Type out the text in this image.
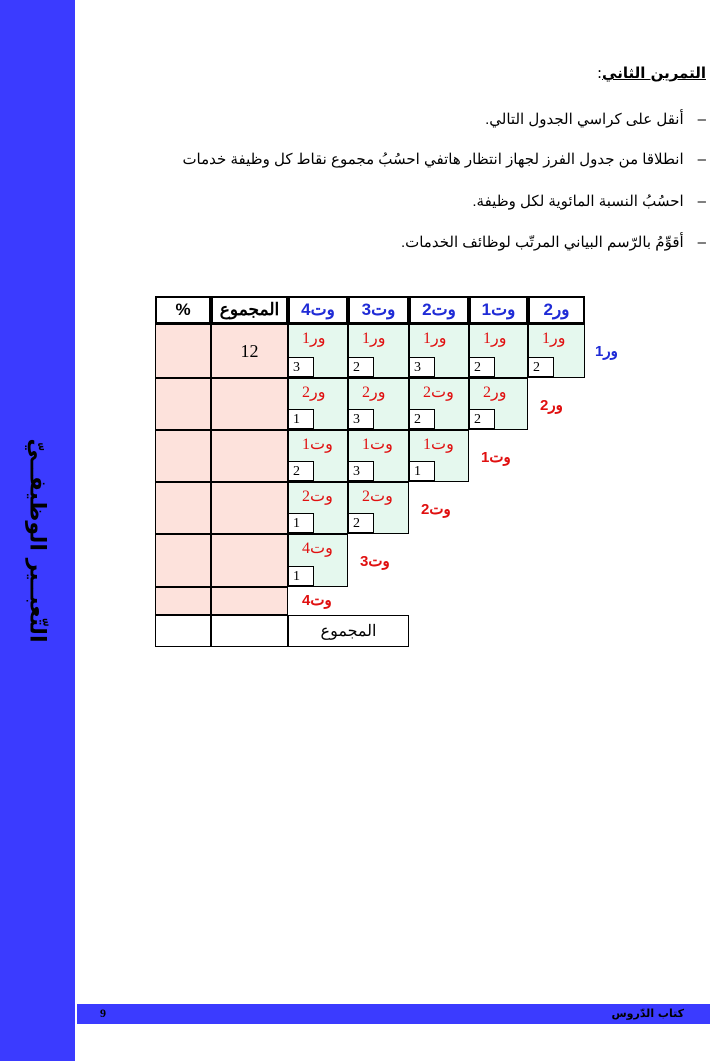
التّعبــير الوظيفــيّ
التمرين الثاني:
–أنقل على كراسي الجدول التالي.
–انطلاقا من جدول الفرز لجهاز انتظار هاتفي احسُبُ مجموع نقاط كل وظيفة خدمات
–احسُبُ النسبة المائوية لكل وظيفة.
–أقوِّمُ بالرّسم البياني المرتّب لوظائف الخدمات.
ور2
وت1
وت2
وت3
وت4
المجموع
%
12
ور1
2
ور1
2
ور1
3
ور1
2
ور1
3
ور1
ور2
2
وت2
2
ور2
3
ور2
1
ور2
وت1
1
وت1
3
وت1
2
وت1
وت2
2
وت2
1
وت2
وت4
1
وت3
وت4
المجموع
9	كتاب الدّروس
